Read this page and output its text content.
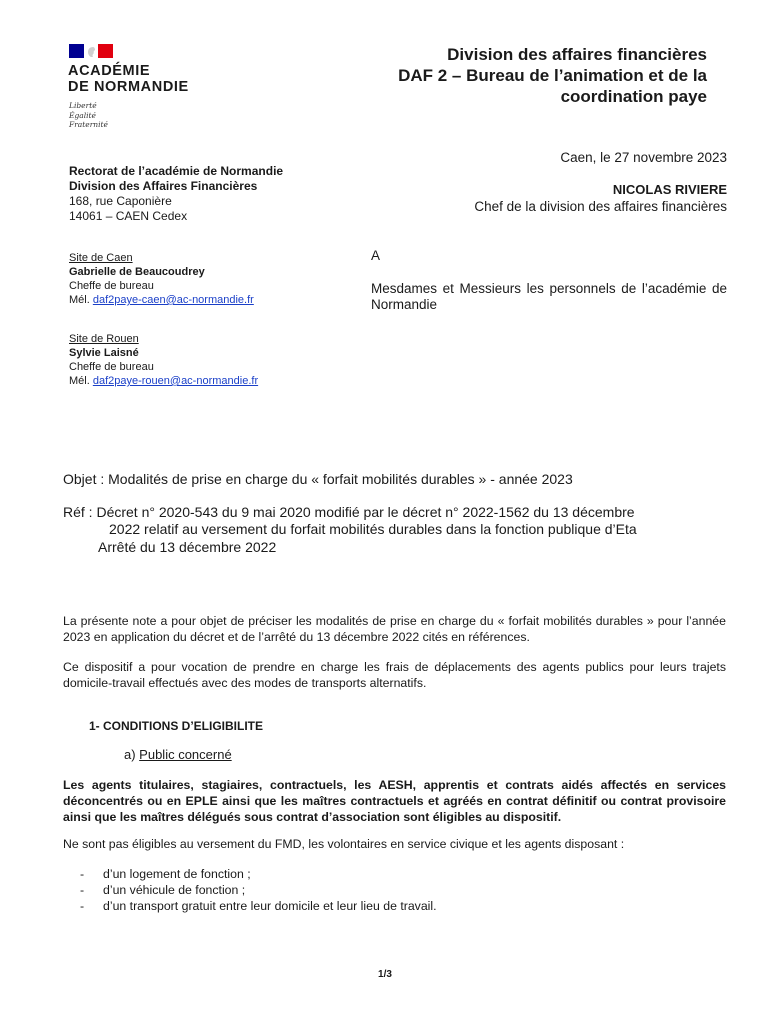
ACADÉMIE
DE NORMANDIE
Liberté
Égalité
Fraternité
Division des affaires financières
DAF 2 – Bureau de l’animation et de la
coordination paye
Caen, le 27 novembre 2023
NICOLAS RIVIERE
Chef de la division des affaires financières
Rectorat de l’académie de Normandie
Division des Affaires Financières
168, rue Caponière
14061 – CAEN Cedex
Site de Caen
Gabrielle de Beaucoudrey
Cheffe de bureau
Mél. daf2paye-caen@ac-normandie.fr
Site de Rouen
Sylvie Laisné
Cheffe de bureau
Mél. daf2paye-rouen@ac-normandie.fr
A
Mesdames et Messieurs les personnels de l’académie de Normandie
Objet : Modalités de prise en charge du « forfait mobilités durables » - année 2023
Réf : Décret n° 2020-543 du 9 mai 2020 modifié par le décret n° 2022-1562 du 13 décembre
2022 relatif au versement du forfait mobilités durables dans la fonction publique d’Eta
Arrêté du 13 décembre 2022
La présente note a pour objet de préciser les modalités de prise en charge du « forfait mobilités durables » pour l’année 2023 en application du décret et de l’arrêté du 13 décembre 2022 cités en références.
Ce dispositif a pour vocation de prendre en charge les frais de déplacements des agents publics pour leurs trajets domicile-travail effectués avec des modes de transports alternatifs.
1- CONDITIONS D’ELIGIBILITE
a) Public concerné
Les agents titulaires, stagiaires, contractuels, les AESH, apprentis et contrats aidés affectés en services déconcentrés ou en EPLE ainsi que les maîtres contractuels et agréés en contrat définitif ou contrat provisoire ainsi que les maîtres délégués sous contrat d’association sont éligibles au dispositif.
Ne sont pas éligibles au versement du FMD, les volontaires en service civique et les agents disposant :
- d’un logement de fonction ;
- d’un véhicule de fonction ;
- d’un transport gratuit entre leur domicile et leur lieu de travail.
1/3
